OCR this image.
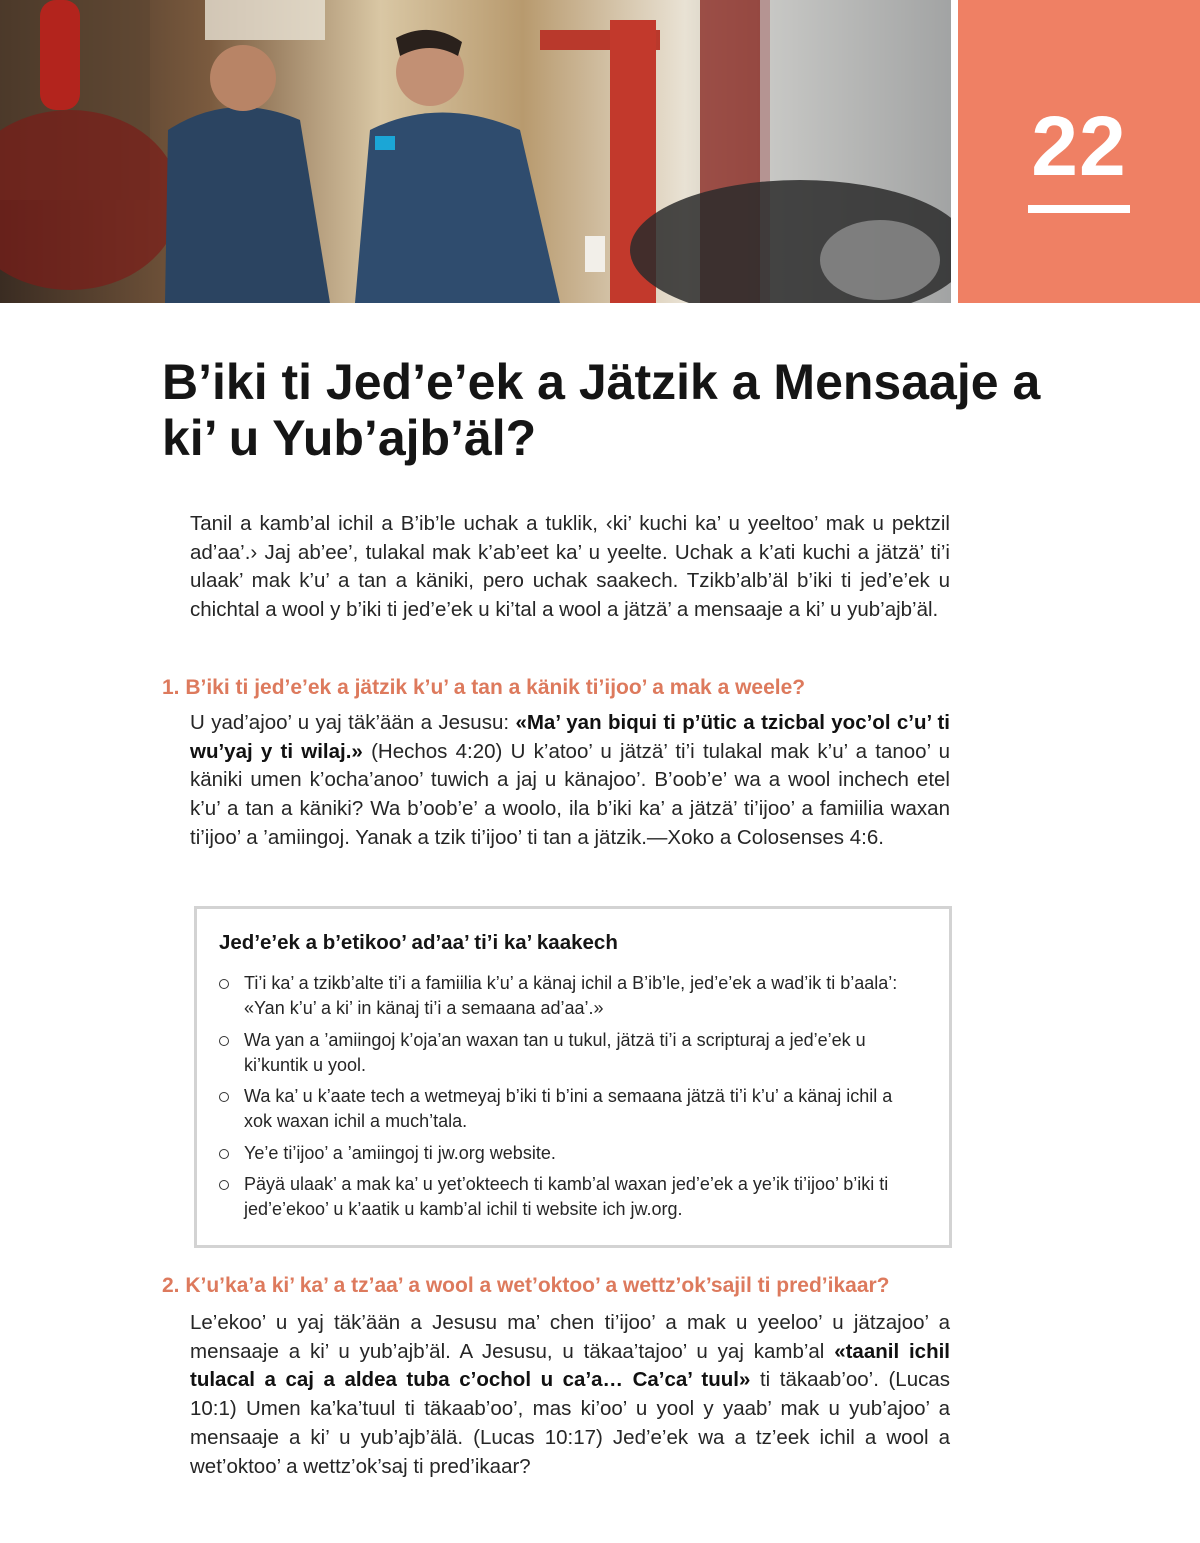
22
B’iki ti Jed’e’ek a Jätzik a Mensaaje a ki’ u Yub’ajb’äl?

Tanil a kamb’al ichil a B’ib’le uchak a tuklik, ‹ki’ kuchi ka’ u yeeltoo’ mak u pektzil ad’aa’.› Jaj ab’ee’, tulakal mak k’ab’eet ka’ u yeelte. Uchak a k’ati kuchi a jätzä’ ti’i ulaak’ mak k’u’ a tan a käniki, pero uchak saakech. Tzikb’alb’äl b’iki ti jed’e’ek u chichtal a wool y b’iki ti jed’e’ek u ki’tal a wool a jätzä’ a mensaaje a ki’ u yub’ajb’äl.

1. B’iki ti jed’e’ek a jätzik k’u’ a tan a känik ti’ijoo’ a mak a weele?

U yad’ajoo’ u yaj täk’ään a Jesusu: «Ma’ yan biqui ti p’ütic a tzicbal yoc’ol c’u’ ti wu’yaj y ti wilaj.» (Hechos 4:20) U k’atoo’ u jätzä’ ti’i tulakal mak k’u’ a tanoo’ u käniki umen k’ocha’anoo’ tuwich a jaj u känajoo’. B’oob’e’ wa a wool inchech etel k’u’ a tan a käniki? Wa b’oob’e’ a woolo, ila b’iki ka’ a jätzä’ ti’ijoo’ a famiilia waxan ti’ijoo’ a ’amiingoj. Yanak a tzik ti’ijoo’ ti tan a jätzik.—Xoko a Colosenses 4:6.

Jed’e’ek a b’etikoo’ ad’aa’ ti’i ka’ kaakech
Ti’i ka’ a tzikb’alte ti’i a famiilia k’u’ a känaj ichil a B’ib’le, jed’e’ek a wad’ik ti b’aala’: «Yan k’u’ a ki’ in känaj ti’i a semaana ad’aa’.»
Wa yan a ’amiingoj k’oja’an waxan tan u tukul, jätzä ti’i a scripturaj a jed’e’ek u ki’kuntik u yool.
Wa ka’ u k’aate tech a wetmeyaj b’iki ti b’ini a semaana jätzä ti’i k’u’ a känaj ichil a xok waxan ichil a much’tala.
Ye’e ti’ijoo’ a ’amiingoj ti jw.org website.
Päyä ulaak’ a mak ka’ u yet’okteech ti kamb’al waxan jed’e’ek a ye’ik ti’ijoo’ b’iki ti jed’e’ekoo’ u k’aatik u kamb’al ichil ti website ich jw.org.
2. K’u’ka’a ki’ ka’ a tz’aa’ a wool a wet’oktoo’ a wettz’ok’sajil ti pred’ikaar?

Le’ekoo’ u yaj täk’ään a Jesusu ma’ chen ti’ijoo’ a mak u yeeloo’ u jätzajoo’ a mensaaje a ki’ u yub’ajb’äl. A Jesusu, u täkaa’tajoo’ u yaj kamb’al «taanil ichil tulacal a caj a aldea tuba c’ochol u ca’a… Ca’ca’ tuul» ti täkaab’oo’. (Lucas 10:1) Umen ka’ka’tuul ti täkaab’oo’, mas ki’oo’ u yool y yaab’ mak u yub’ajoo’ a mensaaje a ki’ u yub’ajb’älä. (Lucas 10:17) Jed’e’ek wa a tz’eek ichil a wool a wet’oktoo’ a wettz’ok’saj ti pred’ikaar?
